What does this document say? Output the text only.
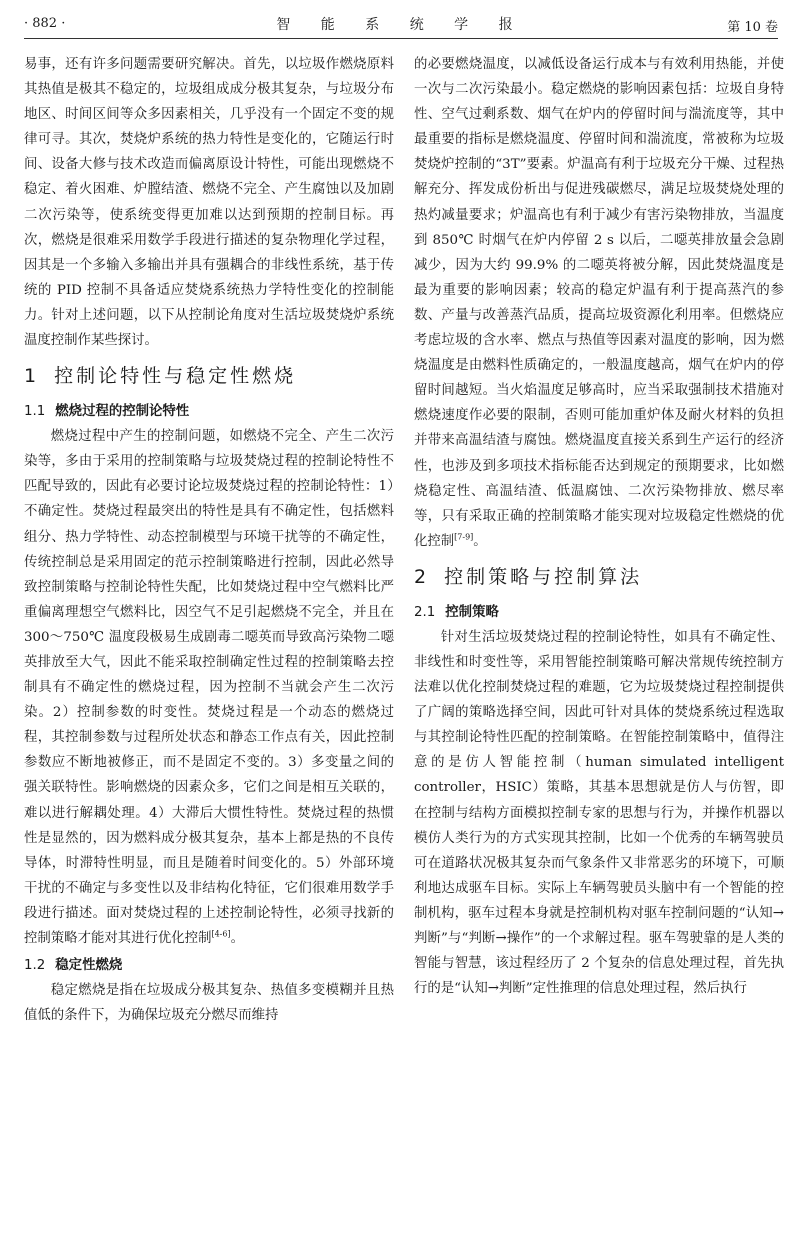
· 882 ·	智 能 系 统 学 报	第 10 卷

易事，还有许多问题需要研究解决。首先，以垃圾作燃烧原料其热值是极其不稳定的，垃圾组成成分极其复杂，与垃圾分布地区、时间区间等众多因素相关，几乎没有一个固定不变的规律可寻。其次，焚烧炉系统的热力特性是变化的，它随运行时间、设备大修与技术改造而偏离原设计特性，可能出现燃烧不稳定、着火困难、炉膛结渣、燃烧不完全、产生腐蚀以及加剧二次污染等，使系统变得更加难以达到预期的控制目标。再次，燃烧是很难采用数学手段进行描述的复杂物理化学过程，因其是一个多输入多输出并具有强耦合的非线性系统，基于传统的 PID 控制不具备适应焚烧系统热力学特性变化的控制能力。针对上述问题，以下从控制论角度对生活垃圾焚烧炉系统温度控制作某些探讨。

1 控制论特性与稳定性燃烧
1.1 燃烧过程的控制论特性

燃烧过程中产生的控制问题，如燃烧不完全、产生二次污染等，多由于采用的控制策略与垃圾焚烧过程的控制论特性不匹配导致的，因此有必要讨论垃圾焚烧过程的控制论特性：1）不确定性。焚烧过程最突出的特性是具有不确定性，包括燃料组分、热力学特性、动态控制模型与环境干扰等的不确定性，传统控制总是采用固定的范示控制策略进行控制，因此必然导致控制策略与控制论特性失配，比如焚烧过程中空气燃料比严重偏离理想空气燃料比，因空气不足引起燃烧不完全，并且在 300～750℃ 温度段极易生成剧毒二噁英而导致高污染物二噁英排放至大气，因此不能采取控制确定性过程的控制策略去控制具有不确定性的燃烧过程，因为控制不当就会产生二次污染。2）控制参数的时变性。焚烧过程是一个动态的燃烧过程，其控制参数与过程所处状态和静态工作点有关，因此控制参数应不断地被修正，而不是固定不变的。3）多变量之间的强关联特性。影响燃烧的因素众多，它们之间是相互关联的，难以进行解耦处理。4）大滞后大惯性特性。焚烧过程的热惯性是显然的，因为燃料成分极其复杂，基本上都是热的不良传导体，时滞特性明显，而且是随着时间变化的。5）外部环境干扰的不确定与多变性以及非结构化特征，它们很难用数学手段进行描述。面对焚烧过程的上述控制论特性，必须寻找新的控制策略才能对其进行优化控制[4-6]。

1.2 稳定性燃烧

稳定燃烧是指在垃圾成分极其复杂、热值多变模糊并且热值低的条件下，为确保垃圾充分燃尽而维持

的必要燃烧温度，以减低设备运行成本与有效利用热能，并使一次与二次污染最小。稳定燃烧的影响因素包括：垃圾自身特性、空气过剩系数、烟气在炉内的停留时间与湍流度等，其中最重要的指标是燃烧温度、停留时间和湍流度，常被称为垃圾焚烧炉控制的“3T”要素。炉温高有利于垃圾充分干燥、过程热解充分、挥发成份析出与促进残碳燃尽，满足垃圾焚烧处理的热灼减量要求；炉温高也有利于减少有害污染物排放，当温度到 850℃ 时烟气在炉内停留 2 s 以后，二噁英排放量会急剧减少，因为大约 99.9% 的二噁英将被分解，因此焚烧温度是最为重要的影响因素；较高的稳定炉温有利于提高蒸汽的参数、产量与改善蒸汽品质，提高垃圾资源化利用率。但燃烧应考虑垃圾的含水率、燃点与热值等因素对温度的影响，因为燃烧温度是由燃料性质确定的，一般温度越高，烟气在炉内的停留时间越短。当火焰温度足够高时，应当采取强制技术措施对燃烧速度作必要的限制，否则可能加重炉体及耐火材料的负担并带来高温结渣与腐蚀。燃烧温度直接关系到生产运行的经济性，也涉及到多项技术指标能否达到规定的预期要求，比如燃烧稳定性、高温结渣、低温腐蚀、二次污染物排放、燃尽率等，只有采取正确的控制策略才能实现对垃圾稳定性燃烧的优化控制[7-9]。

2 控制策略与控制算法
2.1 控制策略

针对生活垃圾焚烧过程的控制论特性，如具有不确定性、非线性和时变性等，采用智能控制策略可解决常规传统控制方法难以优化控制焚烧过程的难题，它为垃圾焚烧过程控制提供了广阔的策略选择空间，因此可针对具体的焚烧系统过程选取与其控制论特性匹配的控制策略。在智能控制策略中，值得注意的是仿人智能控制（human simulated intelligent controller，HSIC）策略，其基本思想就是仿人与仿智，即在控制与结构方面模拟控制专家的思想与行为，并操作机器以模仿人类行为的方式实现其控制，比如一个优秀的车辆驾驶员可在道路状况极其复杂而气象条件又非常恶劣的环境下，可顺利地达成驱车目标。实际上车辆驾驶员头脑中有一个智能的控制机构，驱车过程本身就是控制机构对驱车控制问题的“认知→判断”与“判断→操作”的一个求解过程。驱车驾驶靠的是人类的智能与智慧，该过程经历了 2 个复杂的信息处理过程，首先执行的是“认知→判断”定性推理的信息处理过程，然后执行
